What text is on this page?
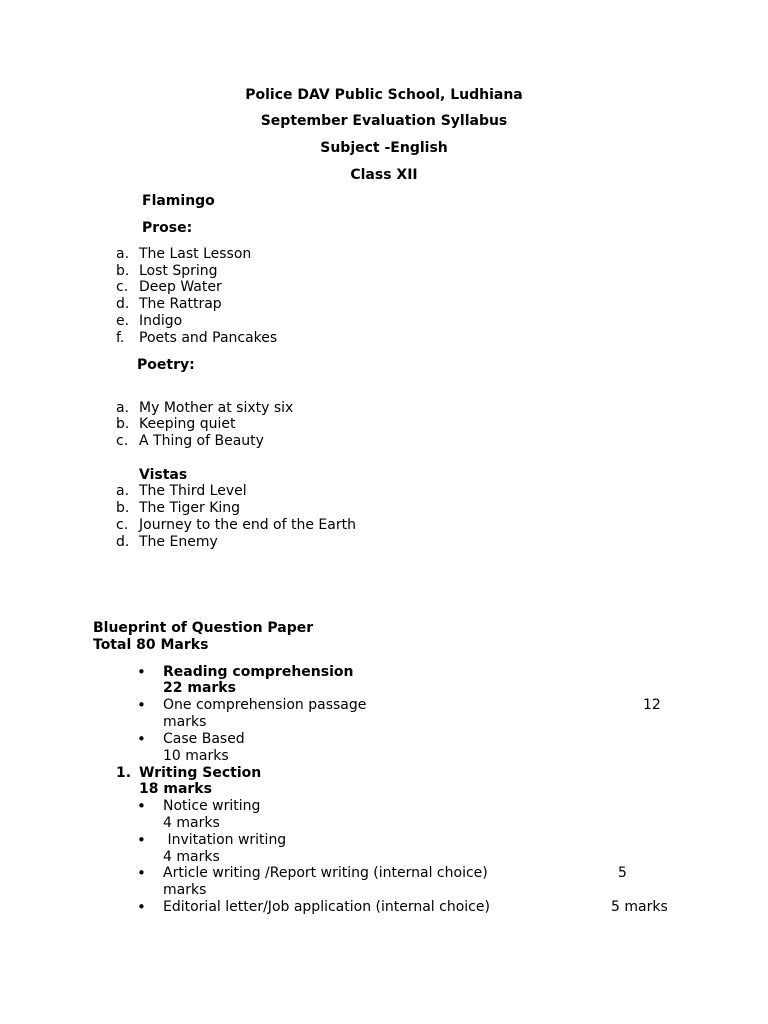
Police DAV Public School, Ludhiana
September Evaluation Syllabus
Subject -English
Class XII
Flamingo
Prose:
a. The Last Lesson
b. Lost Spring
c. Deep Water
d. The Rattrap
e. Indigo
f. Poets and Pancakes
Poetry:
a. My Mother at sixty six
b. Keeping quiet
c. A Thing of Beauty
Vistas
a. The Third Level
b. The Tiger King
c. Journey to the end of the Earth
d. The Enemy
Blueprint of Question Paper
Total 80 Marks
• Reading comprehension
22 marks
• One comprehension passage	12
marks
• Case Based
10 marks
1. Writing Section
18 marks
• Notice writing
4 marks
• Invitation writing
4 marks
• Article writing /Report writing (internal choice)	5
marks
• Editorial letter/Job application (internal choice)	5 marks
